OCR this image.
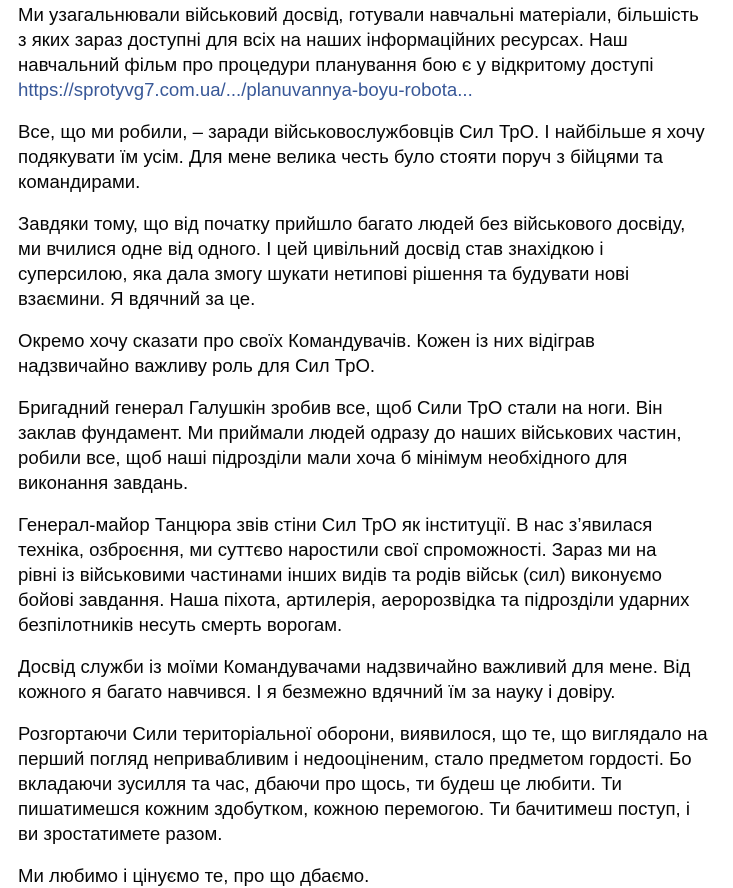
Ми узагальнювали військовий досвід, готували навчальні матеріали, більшість
з яких зараз доступні для всіх на наших інформаційних ресурсах. Наш
навчальний фільм про процедури планування бою є у відкритому доступі
https://sprotyvg7.com.ua/.../planuvannya-boyu-robota...

Все, що ми робили, – заради військовослужбовців Сил ТрО. І найбільше я хочу
подякувати їм усім. Для мене велика честь було стояти поруч з бійцями та
командирами.

Завдяки тому, що від початку прийшло багато людей без військового досвіду,
ми вчилися одне від одного. І цей цивільний досвід став знахідкою і
суперсилою, яка дала змогу шукати нетипові рішення та будувати нові
взаємини. Я вдячний за це.

Окремо хочу сказати про своїх Командувачів. Кожен із них відіграв
надзвичайно важливу роль для Сил ТрО.

Бригадний генерал Галушкін зробив все, щоб Сили ТрО стали на ноги. Він
заклав фундамент. Ми приймали людей одразу до наших військових частин,
робили все, щоб наші підрозділи мали хоча б мінімум необхідного для
виконання завдань.

Генерал-майор Танцюра звів стіни Сил ТрО як інституції. В нас з’явилася
техніка, озброєння, ми суттєво наростили свої спроможності. Зараз ми на
рівні із військовими частинами інших видів та родів військ (сил) виконуємо
бойові завдання. Наша піхота, артилерія, аеророзвідка та підрозділи ударних
безпілотників несуть смерть ворогам.

Досвід служби із моїми Командувачами надзвичайно важливий для мене. Від
кожного я багато навчився. І я безмежно вдячний їм за науку і довіру.

Розгортаючи Сили територіальної оборони, виявилося, що те, що виглядало на
перший погляд непривабливим і недооціненим, стало предметом гордості. Бо
вкладаючи зусилля та час, дбаючи про щось, ти будеш це любити. Ти
пишатимешся кожним здобутком, кожною перемогою. Ти бачитимеш поступ, і
ви зростатимете разом.

Ми любимо і цінуємо те, про що дбаємо.
